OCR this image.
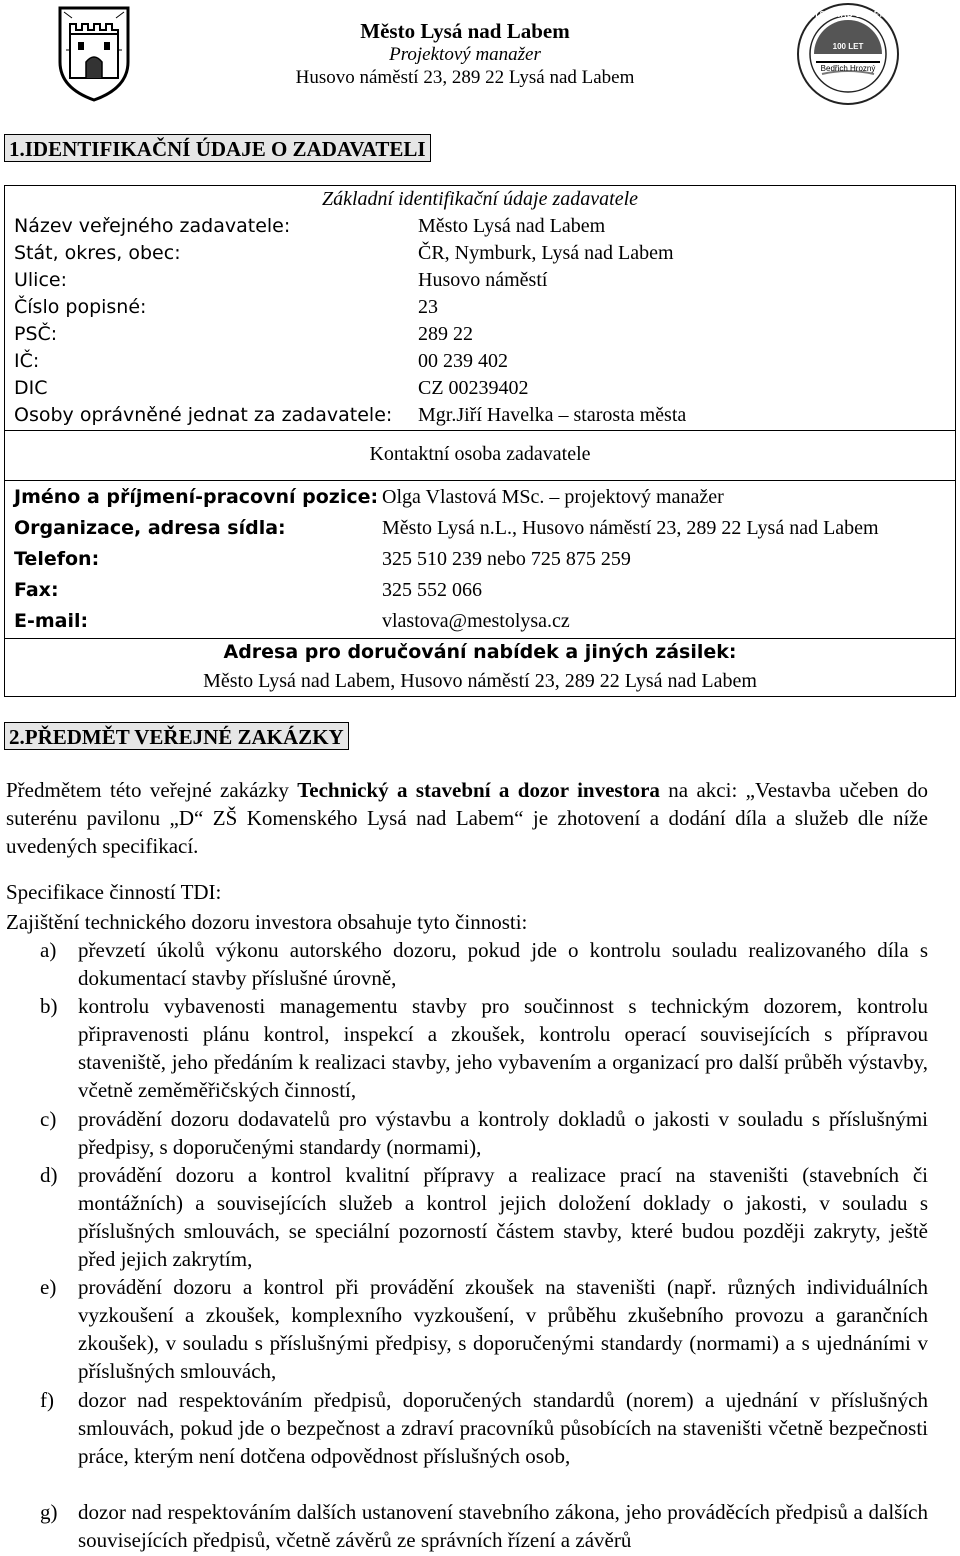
Město Lysá nad Labem
Projektový manažer
Husovo náměstí 23, 289 22 Lysá nad Labem
LYSÁ NAD LABEM
100 LET
Bedřich Hrozný
1.IDENTIFIKAČNÍ ÚDAJE O ZADAVATELI
Základní identifikační údaje zadavatele
Název veřejného zadavatele:	Město Lysá nad Labem
Stát, okres, obec:	ČR, Nymburk, Lysá nad Labem
Ulice:	Husovo náměstí
Číslo popisné:	23
PSČ:	289 22
IČ:	00 239 402
DIC	CZ 00239402
Osoby oprávněné jednat za zadavatele: Mgr.Jiří Havelka – starosta města
Kontaktní osoba zadavatele
Jméno a příjmení-pracovní pozice: Olga Vlastová MSc. – projektový manažer
Organizace, adresa sídla:	Město Lysá n.L., Husovo náměstí 23, 289 22 Lysá nad Labem
Telefon:	325 510 239 nebo 725 875 259
Fax:	325 552 066
E-mail:	vlastova@mestolysa.cz
Adresa pro doručování nabídek a jiných zásilek:
Město Lysá nad Labem, Husovo náměstí 23, 289 22 Lysá nad Labem
2.PŘEDMĚT VEŘEJNÉ ZAKÁZKY
Předmětem této veřejné zakázky Technický a stavební a dozor investora na akci: „Vestavba učeben do suterénu pavilonu „D“ ZŠ Komenského Lysá nad Labem“ je zhotovení a dodání díla a služeb dle níže uvedených specifikací.
Specifikace činností TDI:
Zajištění technického dozoru investora obsahuje tyto činnosti:
a) převzetí úkolů výkonu autorského dozoru, pokud jde o kontrolu souladu realizovaného díla s dokumentací stavby příslušné úrovně,
b) kontrolu vybavenosti managementu stavby pro součinnost s technickým dozorem, kontrolu připravenosti plánu kontrol, inspekcí a zkoušek, kontrolu operací souvisejících s přípravou staveniště, jeho předáním k realizaci stavby, jeho vybavením a organizací pro další průběh výstavby, včetně zeměměřičských činností,
c) provádění dozoru dodavatelů pro výstavbu a kontroly dokladů o jakosti v souladu s příslušnými předpisy, s doporučenými standardy (normami),
d) provádění dozoru a kontrol kvalitní přípravy a realizace prací na staveništi (stavebních či montážních) a souvisejících služeb a kontrol jejich doložení doklady o jakosti, v souladu s příslušných smlouvách, se speciální pozorností částem stavby, které budou později zakryty, ještě před jejich zakrytím,
e) provádění dozoru a kontrol při provádění zkoušek na staveništi (např. různých individuálních vyzkoušení a zkoušek, komplexního vyzkoušení, v průběhu zkušebního provozu a garančních zkoušek), v souladu s příslušnými předpisy, s doporučenými standardy (normami) a s ujednáními v příslušných smlouvách,
f) dozor nad respektováním předpisů, doporučených standardů (norem) a ujednání v příslušných smlouvách, pokud jde o bezpečnost a zdraví pracovníků působících na staveništi včetně bezpečnosti práce, kterým není dotčena odpovědnost příslušných osob,
g) dozor nad respektováním dalších ustanovení stavebního zákona, jeho prováděcích předpisů a dalších souvisejících předpisů, včetně závěrů ze správních řízení a závěrů
